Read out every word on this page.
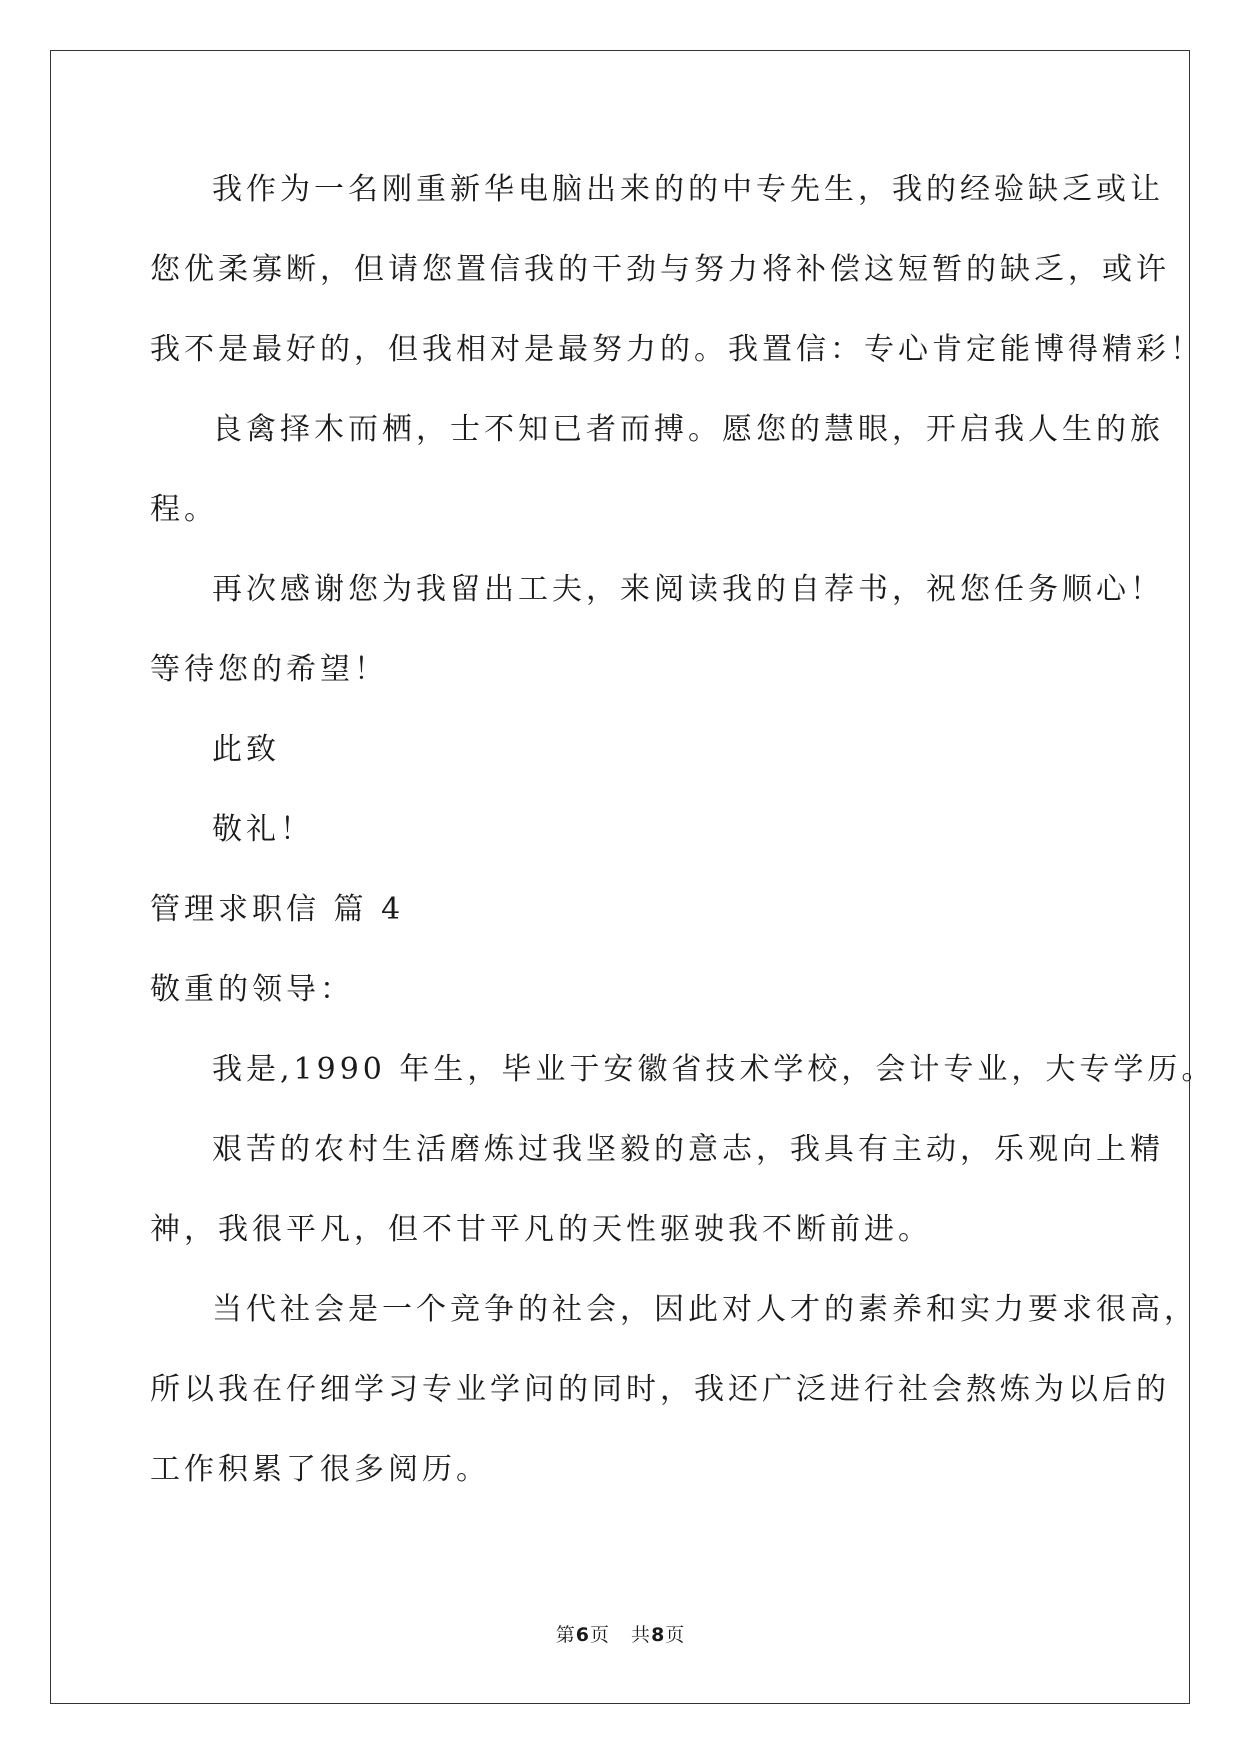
我作为一名刚重新华电脑出来的的中专先生，我的经验缺乏或让
您优柔寡断，但请您置信我的干劲与努力将补偿这短暂的缺乏，或许
我不是最好的，但我相对是最努力的。我置信：专心肯定能博得精彩！
良禽择木而栖，士不知已者而搏。愿您的慧眼，开启我人生的旅
程。
再次感谢您为我留出工夫，来阅读我的自荐书，祝您任务顺心！
等待您的希望！
此致
敬礼！
管理求职信 篇 4
敬重的领导：
我是,1990 年生，毕业于安徽省技术学校，会计专业，大专学历。
艰苦的农村生活磨炼过我坚毅的意志，我具有主动，乐观向上精
神，我很平凡，但不甘平凡的天性驱驶我不断前进。
当代社会是一个竞争的社会，因此对人才的素养和实力要求很高，
所以我在仔细学习专业学问的同时，我还广泛进行社会熬炼为以后的
工作积累了很多阅历。
第6页   共8页
